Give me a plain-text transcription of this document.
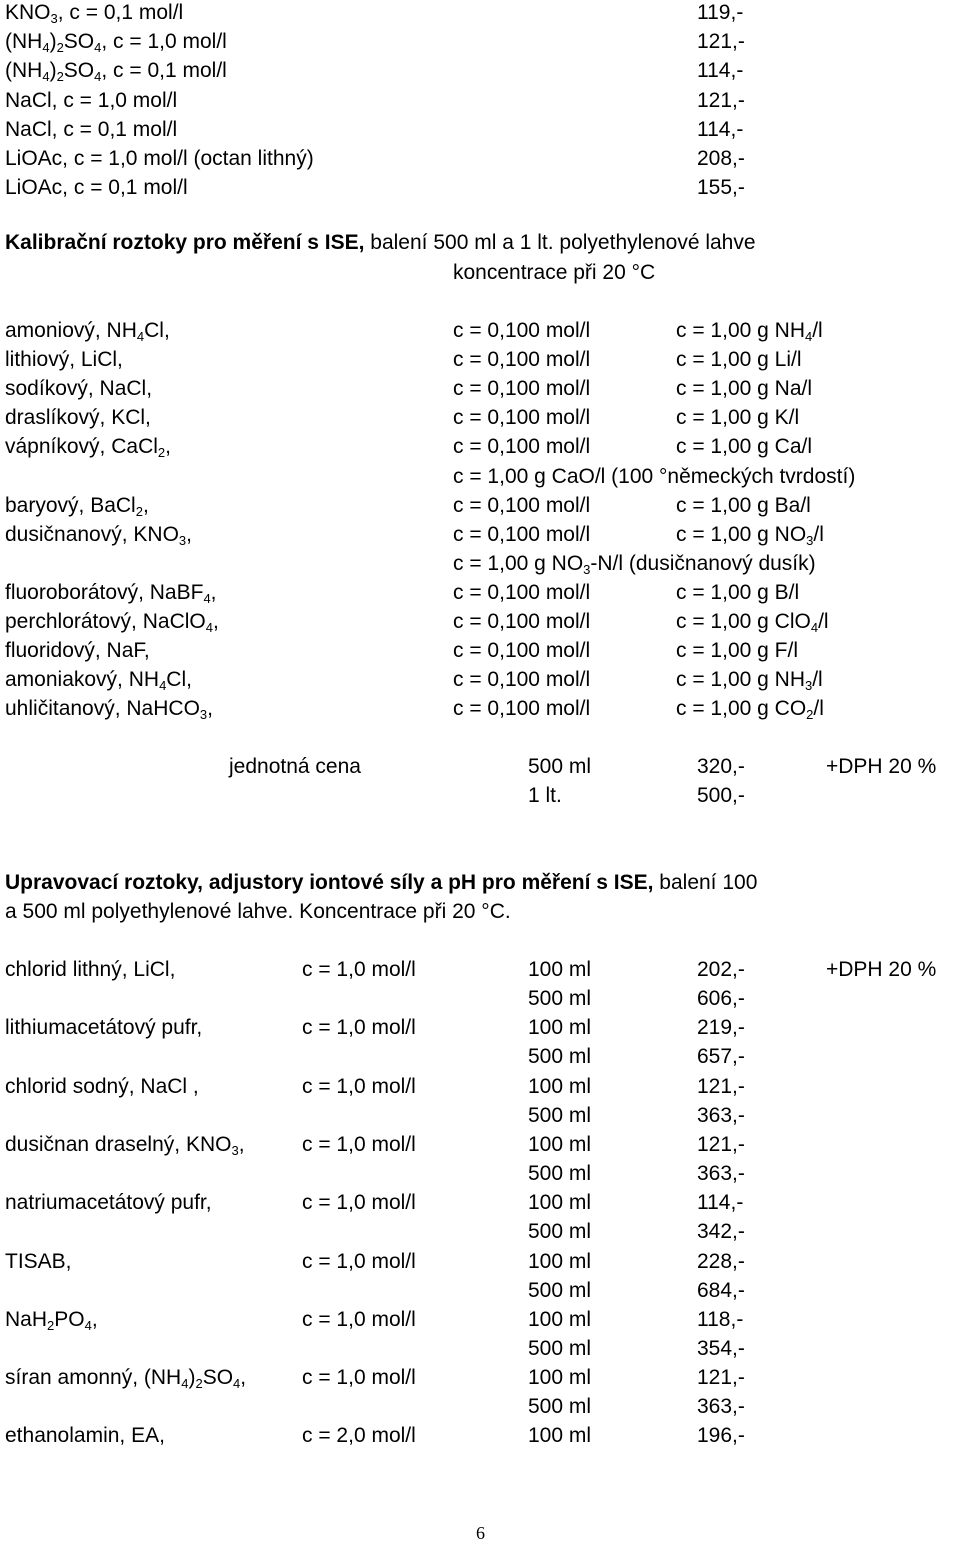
$KNO_3$, c = 0,1 mol/l	119,-
$(NH_4)_2SO_4$, c = 1,0 mol/l	121,-
$(NH_4)_2SO_4$, c = 0,1 mol/l	114,-
NaCl, c = 1,0 mol/l	121,-
NaCl, c = 0,1 mol/l	114,-
LiOAc, c = 1,0 mol/l (octan lithný)	208,-
LiOAc, c = 0,1 mol/l	155,-
Kalibrační roztoky pro měření s ISE, balení 500 ml a 1 lt. polyethylenové lahve
koncentrace při 20 °C
amoniový, $NH_4Cl$,	c = 0,100 mol/l	c = 1,00 g $NH_4/l$
lithiový, LiCl,	c = 0,100 mol/l	c = 1,00 g Li/l
sodíkový, NaCl,	c = 0,100 mol/l	c = 1,00 g Na/l
draslíkový, KCl,	c = 0,100 mol/l	c = 1,00 g K/l
vápníkový, CaCl$_2$,	c = 0,100 mol/l	c = 1,00 g Ca/l
c = 1,00 g CaO/l (100 °německých tvrdostí)
baryový, BaCl$_2$,	c = 0,100 mol/l	c = 1,00 g Ba/l
dusičnanový, $KNO_3$,	c = 0,100 mol/l	c = 1,00 g $NO_3/l$
c = 1,00 g $NO_3-N/l$ (dusičnanový dusík)
fluoroborátový, NaBF$_4$,	c = 0,100 mol/l	c = 1,00 g B/l
perchlorátový, NaClO$_4$,	c = 0,100 mol/l	c = 1,00 g ClO$_4$/l
fluoridový, NaF,	c = 0,100 mol/l	c = 1,00 g F/l
amoniakový, $NH_4Cl$,	c = 0,100 mol/l	c = 1,00 g $NH_3/l$
uhličitanový, NaHCO$_3$,	c = 0,100 mol/l	c = 1,00 g $CO_2/l$
jednotná cena	500 ml	320,-
1 lt.	500,-
+DPH 20 %
Upravovací roztoky, adjustory iontové síly a pH pro měření s ISE, balení 100
a 500 ml polyethylenové lahve. Koncentrace při 20 °C.
chlorid lithný, LiCl,	c = 1,0 mol/l	100 ml	202,-
500 ml	606,-
lithiumacetátový pufr,	c = 1,0 mol/l	100 ml	219,-
500 ml	657,-
chlorid sodný, NaCl ,	c = 1,0 mol/l	100 ml	121,-
500 ml	363,-
dusičnan draselný, $KNO_3$,	c = 1,0 mol/l	100 ml	121,-
500 ml	363,-
natriumacetátový pufr,	c = 1,0 mol/l	100 ml	114,-
500 ml	342,-
TISAB,	c = 1,0 mol/l	100 ml	228,-
500 ml	684,-
$NaH_2PO_4$,	c = 1,0 mol/l	100 ml	118,-
500 ml	354,-
síran amonný, $(NH_4)_2SO_4$,	c = 1,0 mol/l	100 ml	121,-
500 ml	363,-
ethanolamin, EA,	c = 2,0 mol/l	100 ml	196,-
+DPH 20 %
6
